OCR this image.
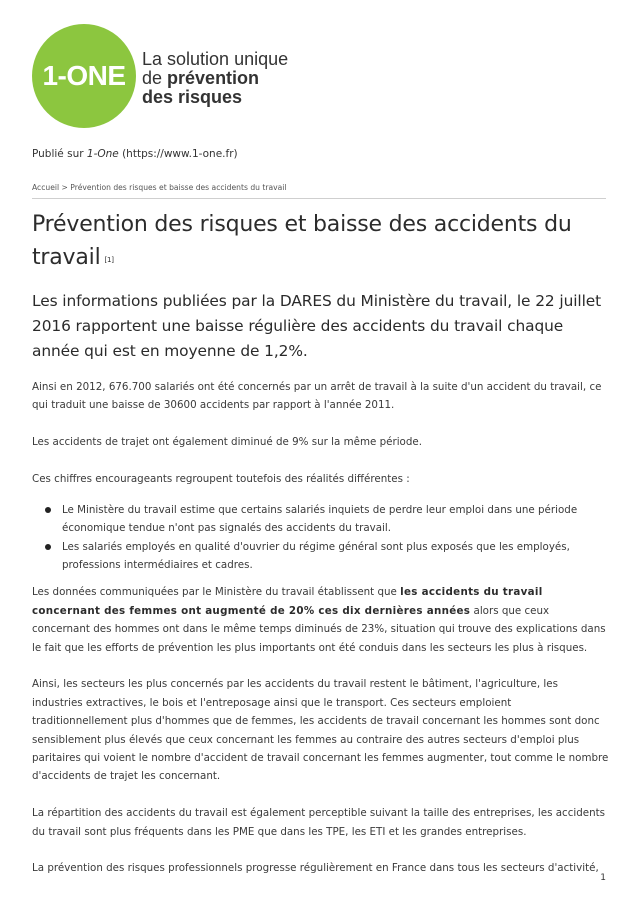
1-ONE
La solution unique
de prévention
des risques
Publié sur 1-One (https://www.1-one.fr)
Accueil > Prévention des risques et baisse des accidents du travail
Prévention des risques et baisse des accidents du travail [1]

Les informations publiées par la DARES du Ministère du travail, le 22 juillet 2016 rapportent une baisse régulière des accidents du travail chaque année qui est en moyenne de 1,2%.

Ainsi en 2012, 676.700 salariés ont été concernés par un arrêt de travail à la suite d'un accident du travail, ce qui traduit une baisse de 30600 accidents par rapport à l'année 2011.

Les accidents de trajet ont également diminué de 9% sur la même période.

Ces chiffres encourageants regroupent toutefois des réalités différentes :

Le Ministère du travail estime que certains salariés inquiets de perdre leur emploi dans une période économique tendue n'ont pas signalés des accidents du travail.
Les salariés employés en qualité d'ouvrier du régime général sont plus exposés que les employés, professions intermédiaires et cadres.

Les données communiquées par le Ministère du travail établissent que les accidents du travail concernant des femmes ont augmenté de 20% ces dix dernières années alors que ceux concernant des hommes ont dans le même temps diminués de 23%, situation qui trouve des explications dans le fait que les efforts de prévention les plus importants ont été conduis dans les secteurs les plus à risques.

Ainsi, les secteurs les plus concernés par les accidents du travail restent le bâtiment, l'agriculture, les industries extractives, le bois et l'entreposage ainsi que le transport. Ces secteurs emploient traditionnellement plus d'hommes que de femmes, les accidents de travail concernant les hommes sont donc sensiblement plus élevés que ceux concernant les femmes au contraire des autres secteurs d'emploi plus paritaires qui voient le nombre d'accident de travail concernant les femmes augmenter, tout comme le nombre d'accidents de trajet les concernant.

La répartition des accidents du travail est également perceptible suivant la taille des entreprises, les accidents du travail sont plus fréquents dans les PME que dans les TPE, les ETI et les grandes entreprises.

La prévention des risques professionnels progresse régulièrement en France dans tous les secteurs d'activité,

1
